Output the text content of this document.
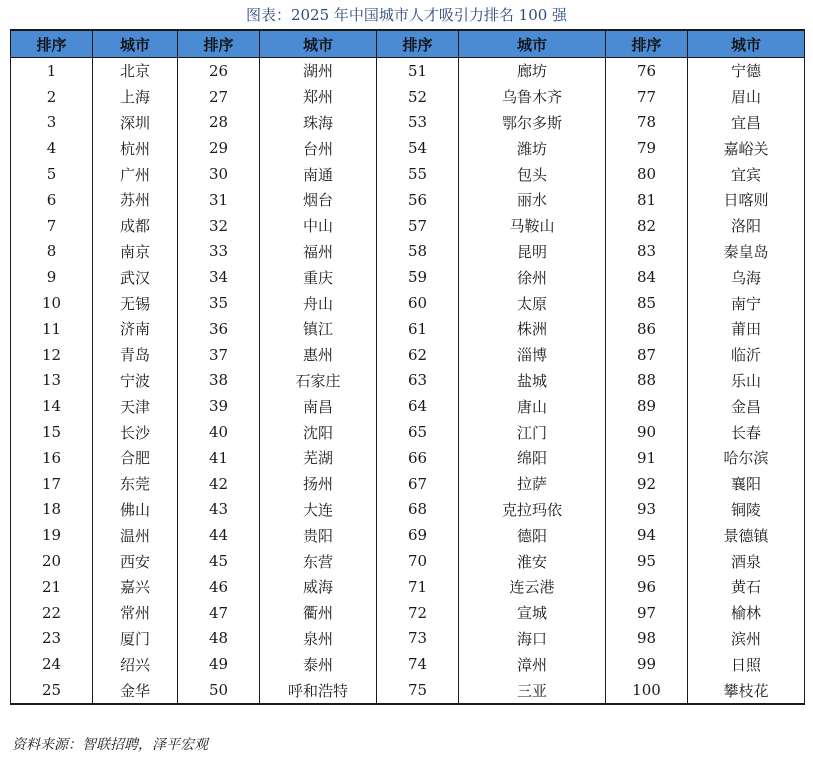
图表：2025 年中国城市人才吸引力排名 100 强
排序	城市	排序	城市	排序	城市	排序	城市
1	北京	26	湖州	51	廊坊	76	宁德
2	上海	27	郑州	52	乌鲁木齐	77	眉山
3	深圳	28	珠海	53	鄂尔多斯	78	宜昌
4	杭州	29	台州	54	潍坊	79	嘉峪关
5	广州	30	南通	55	包头	80	宜宾
6	苏州	31	烟台	56	丽水	81	日喀则
7	成都	32	中山	57	马鞍山	82	洛阳
8	南京	33	福州	58	昆明	83	秦皇岛
9	武汉	34	重庆	59	徐州	84	乌海
10	无锡	35	舟山	60	太原	85	南宁
11	济南	36	镇江	61	株洲	86	莆田
12	青岛	37	惠州	62	淄博	87	临沂
13	宁波	38	石家庄	63	盐城	88	乐山
14	天津	39	南昌	64	唐山	89	金昌
15	长沙	40	沈阳	65	江门	90	长春
16	合肥	41	芜湖	66	绵阳	91	哈尔滨
17	东莞	42	扬州	67	拉萨	92	襄阳
18	佛山	43	大连	68	克拉玛依	93	铜陵
19	温州	44	贵阳	69	德阳	94	景德镇
20	西安	45	东营	70	淮安	95	酒泉
21	嘉兴	46	威海	71	连云港	96	黄石
22	常州	47	衢州	72	宣城	97	榆林
23	厦门	48	泉州	73	海口	98	滨州
24	绍兴	49	泰州	74	漳州	99	日照
25	金华	50	呼和浩特	75	三亚	100	攀枝花
资料来源：智联招聘，泽平宏观
